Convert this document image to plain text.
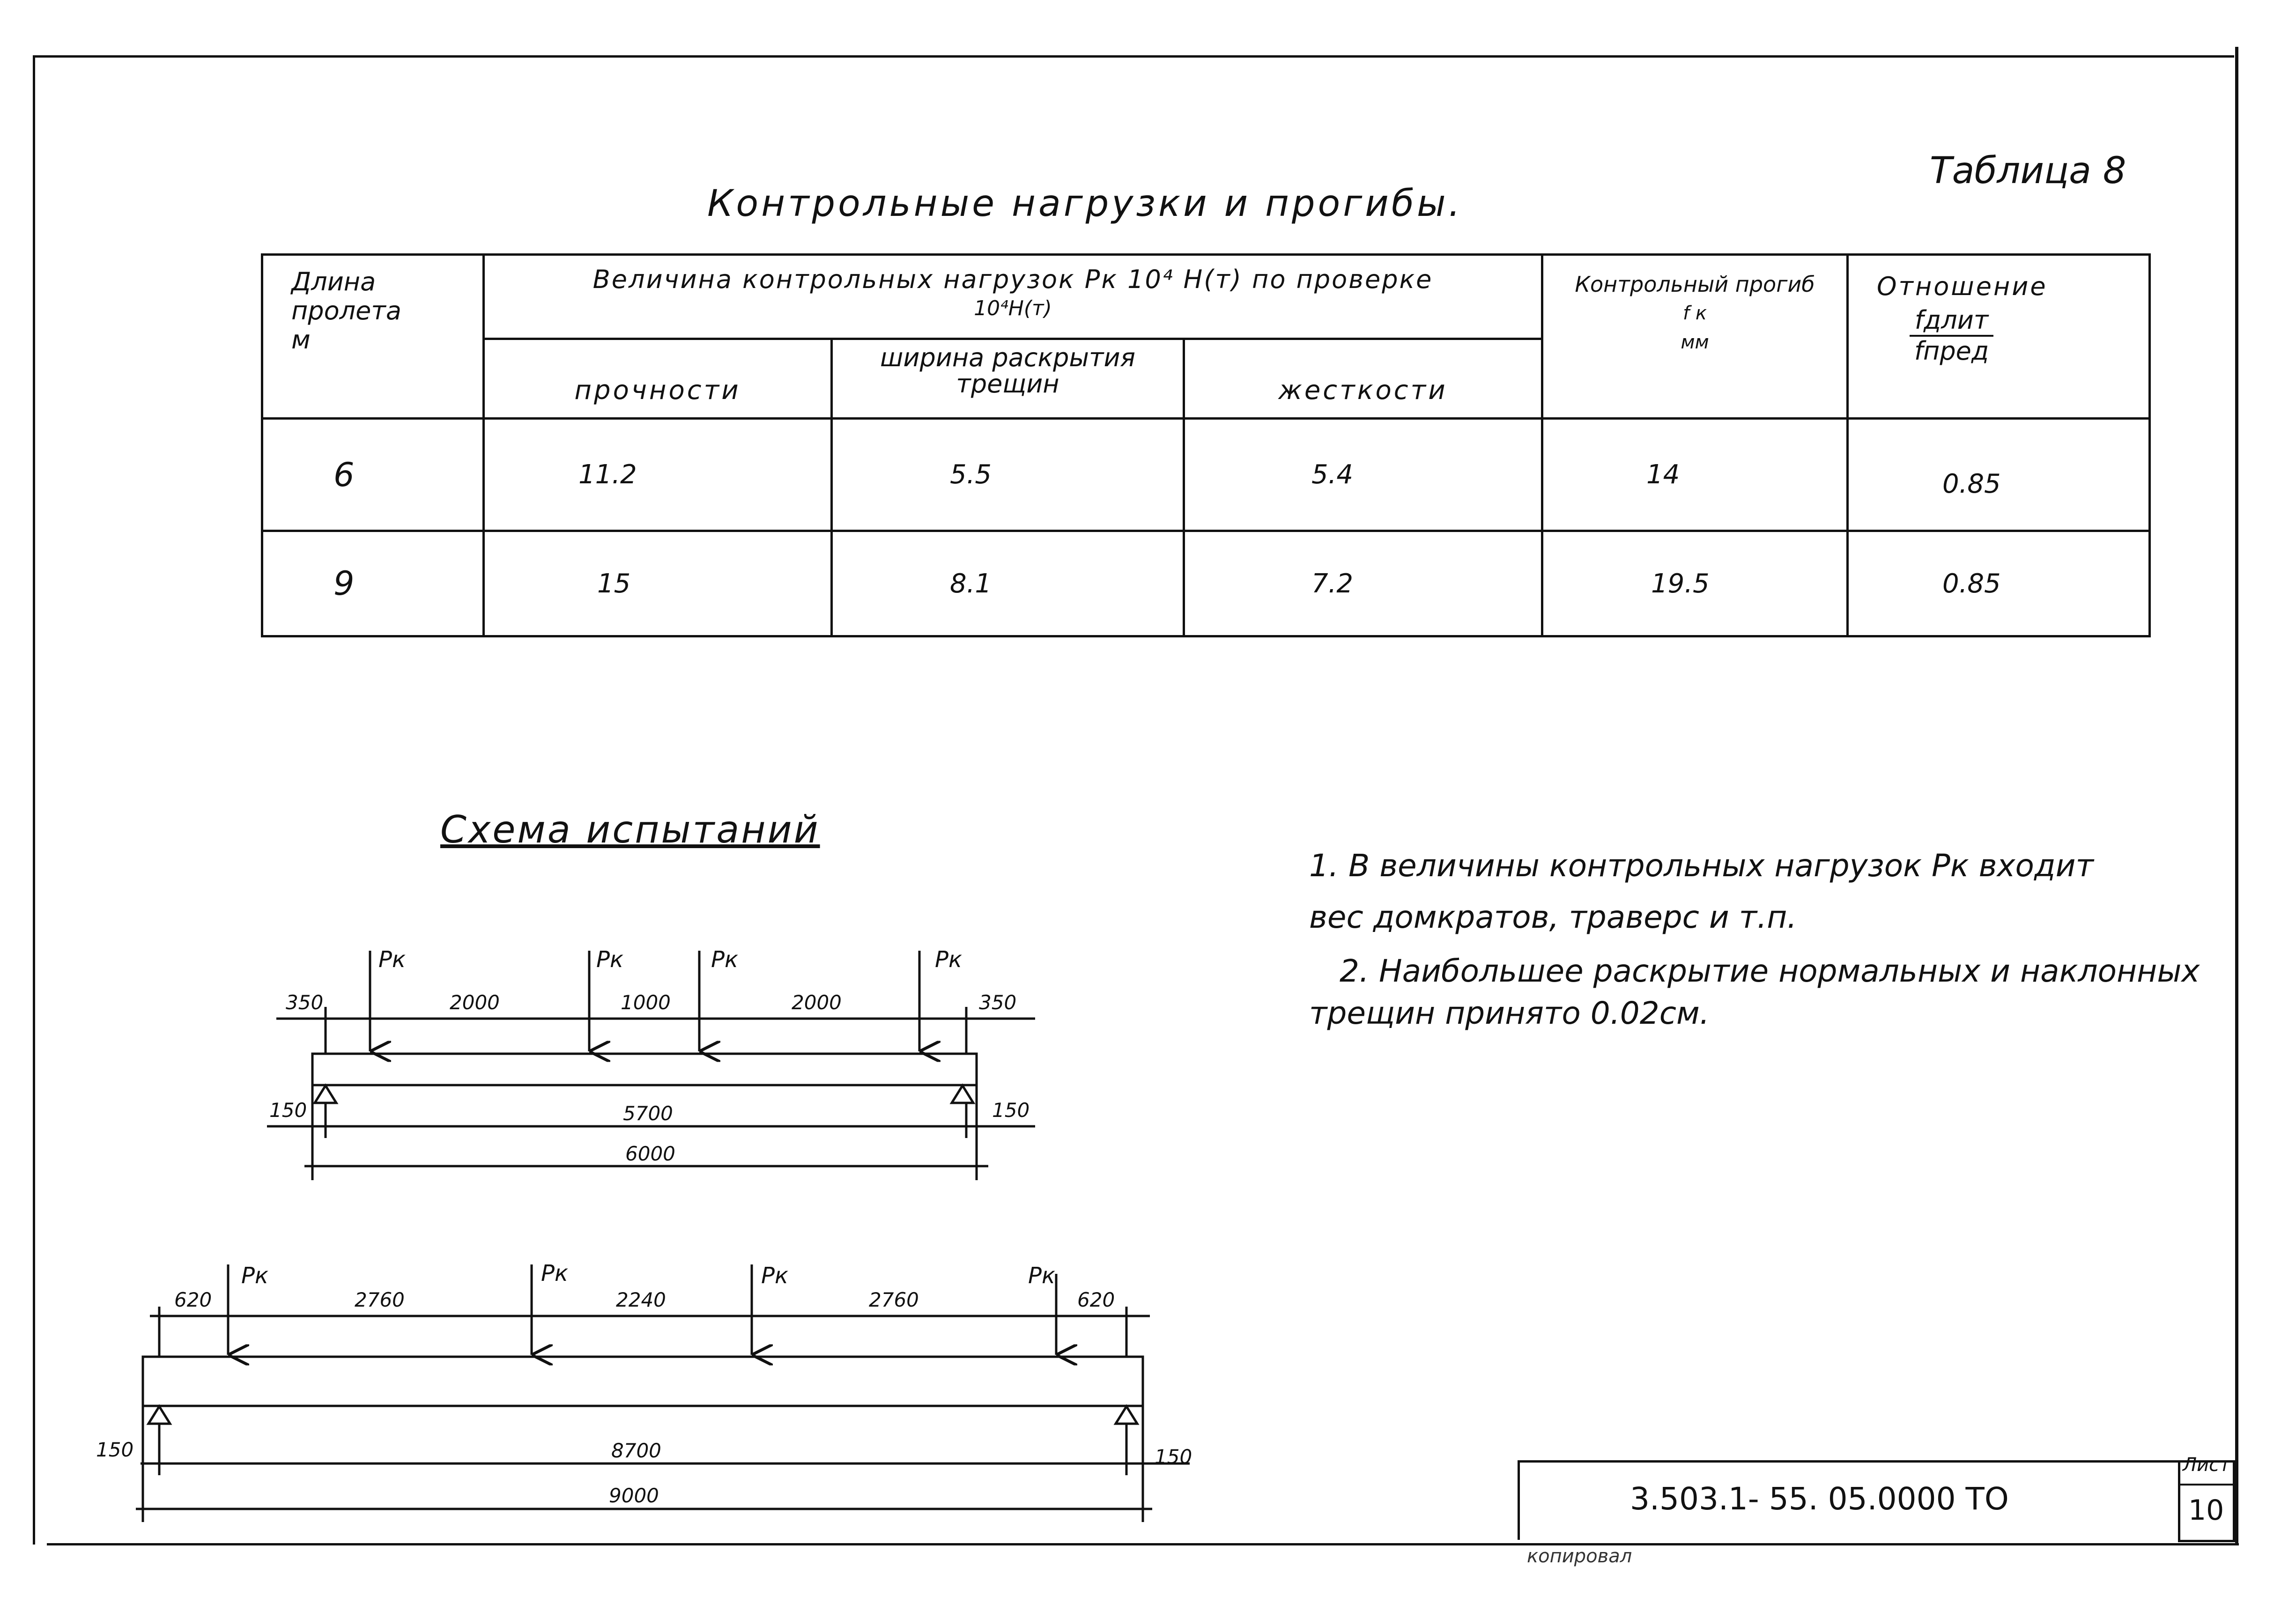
Таблица 8
Контрольные нагрузки и прогибы.
Длина пролета м	Величина контрольных нагрузок Pк 10⁴ Н(т) по проверке
10⁴Н(т)			Контрольный прогиб
f к
мм	Отношение
$\frac{\text{fдлит}}{\text{fпред}}$

	прочности	ширина раскрытия трещин	жесткости		
6	11.2	5.5	5.4	14	0.85
9	15	8.1	7.2	19.5	0.85
Схема испытаний
Pк	Pк	Pк	Pк
350	2000	1000	2000	350
150	150
5700
6000
Pк	Pк	Pк	Pк
620	2760	2240	2760	620
150	150
8700
9000
1. В величины контрольных нагрузок Pк входит
вес домкратов, траверс и т.п.
2. Наибольшее раскрытие нормальных и наклонных
трещин принято 0.02см.
3.503.1- 55. 05.0000 ТО
Лист
10
копировал
